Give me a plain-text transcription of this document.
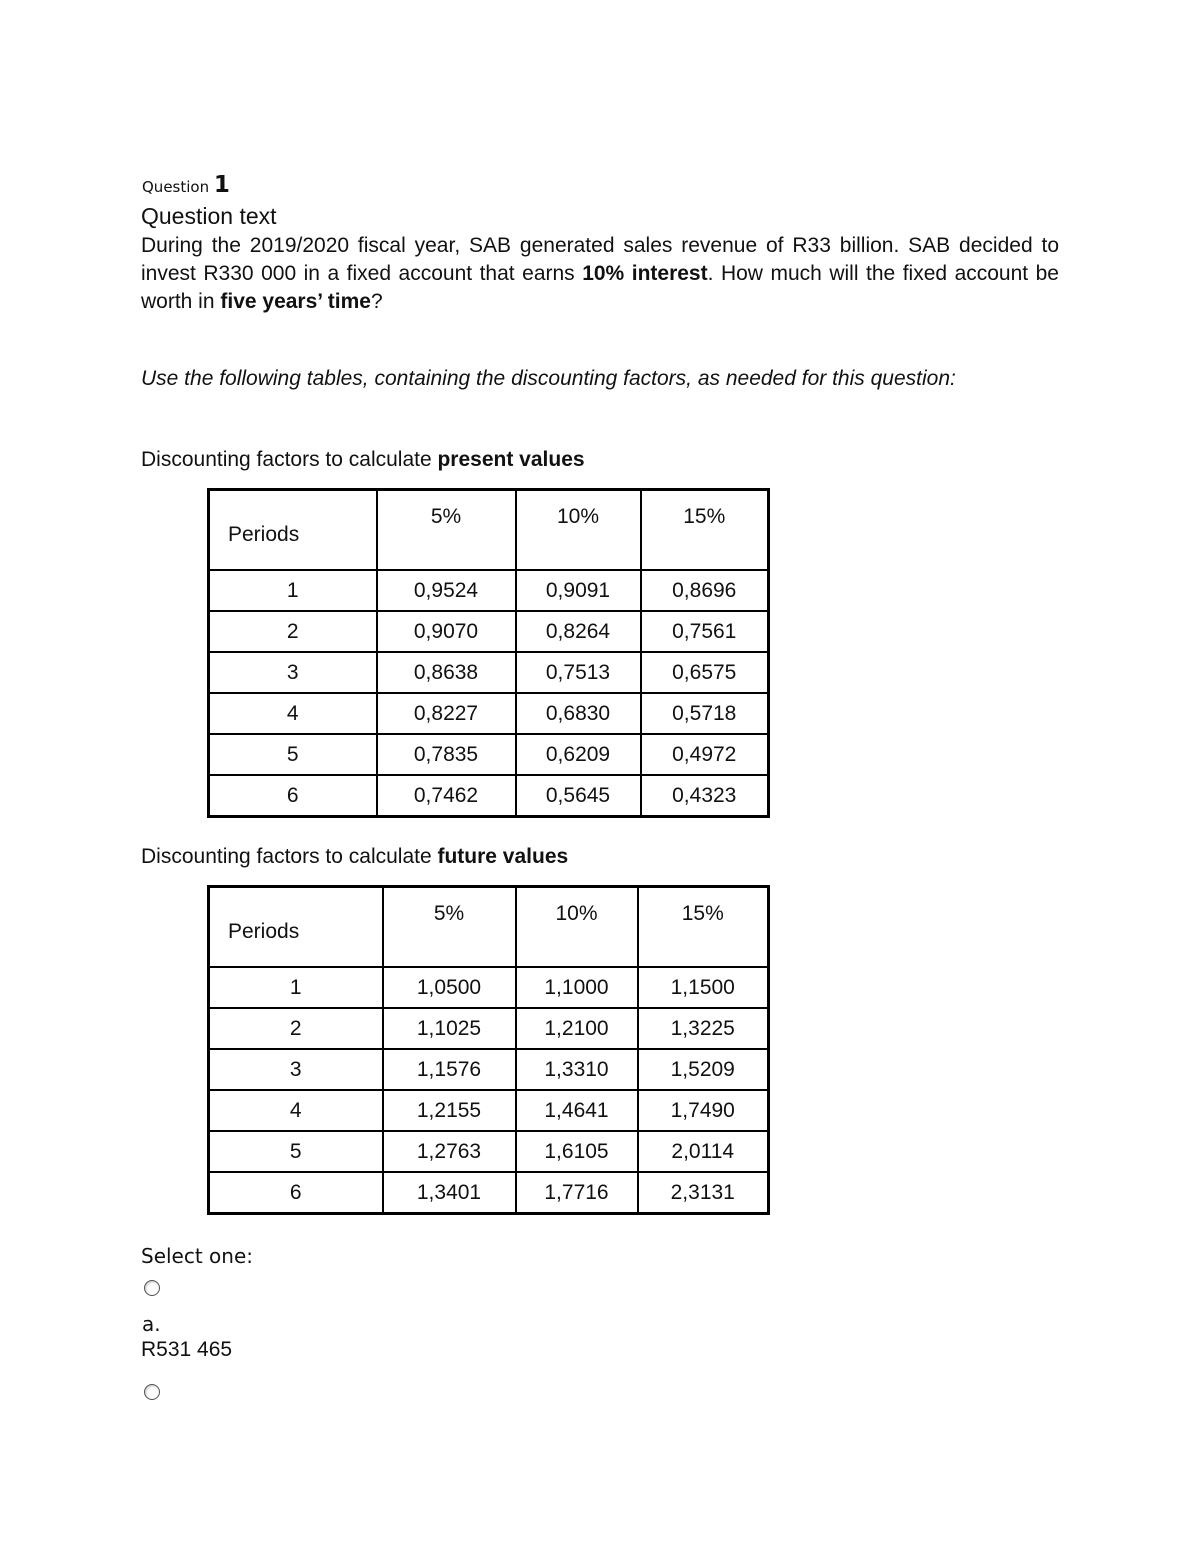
Question 1
Question text
During the 2019/2020 fiscal year, SAB generated sales revenue of R33 billion. SAB decided to invest R330 000 in a fixed account that earns 10% interest. How much will the fixed account be worth in five years’ time?
Use the following tables, containing the discounting factors, as needed for this question:
Discounting factors to calculate present values
Periods	5%	10%	15%
1	0,9524	0,9091	0,8696
2	0,9070	0,8264	0,7561
3	0,8638	0,7513	0,6575
4	0,8227	0,6830	0,5718
5	0,7835	0,6209	0,4972
6	0,7462	0,5645	0,4323
Discounting factors to calculate future values
Periods	5%	10%	15%
1	1,0500	1,1000	1,1500
2	1,1025	1,2100	1,3225
3	1,1576	1,3310	1,5209
4	1,2155	1,4641	1,7490
5	1,2763	1,6105	2,0114
6	1,3401	1,7716	2,3131
Select one:
a.
R531 465
